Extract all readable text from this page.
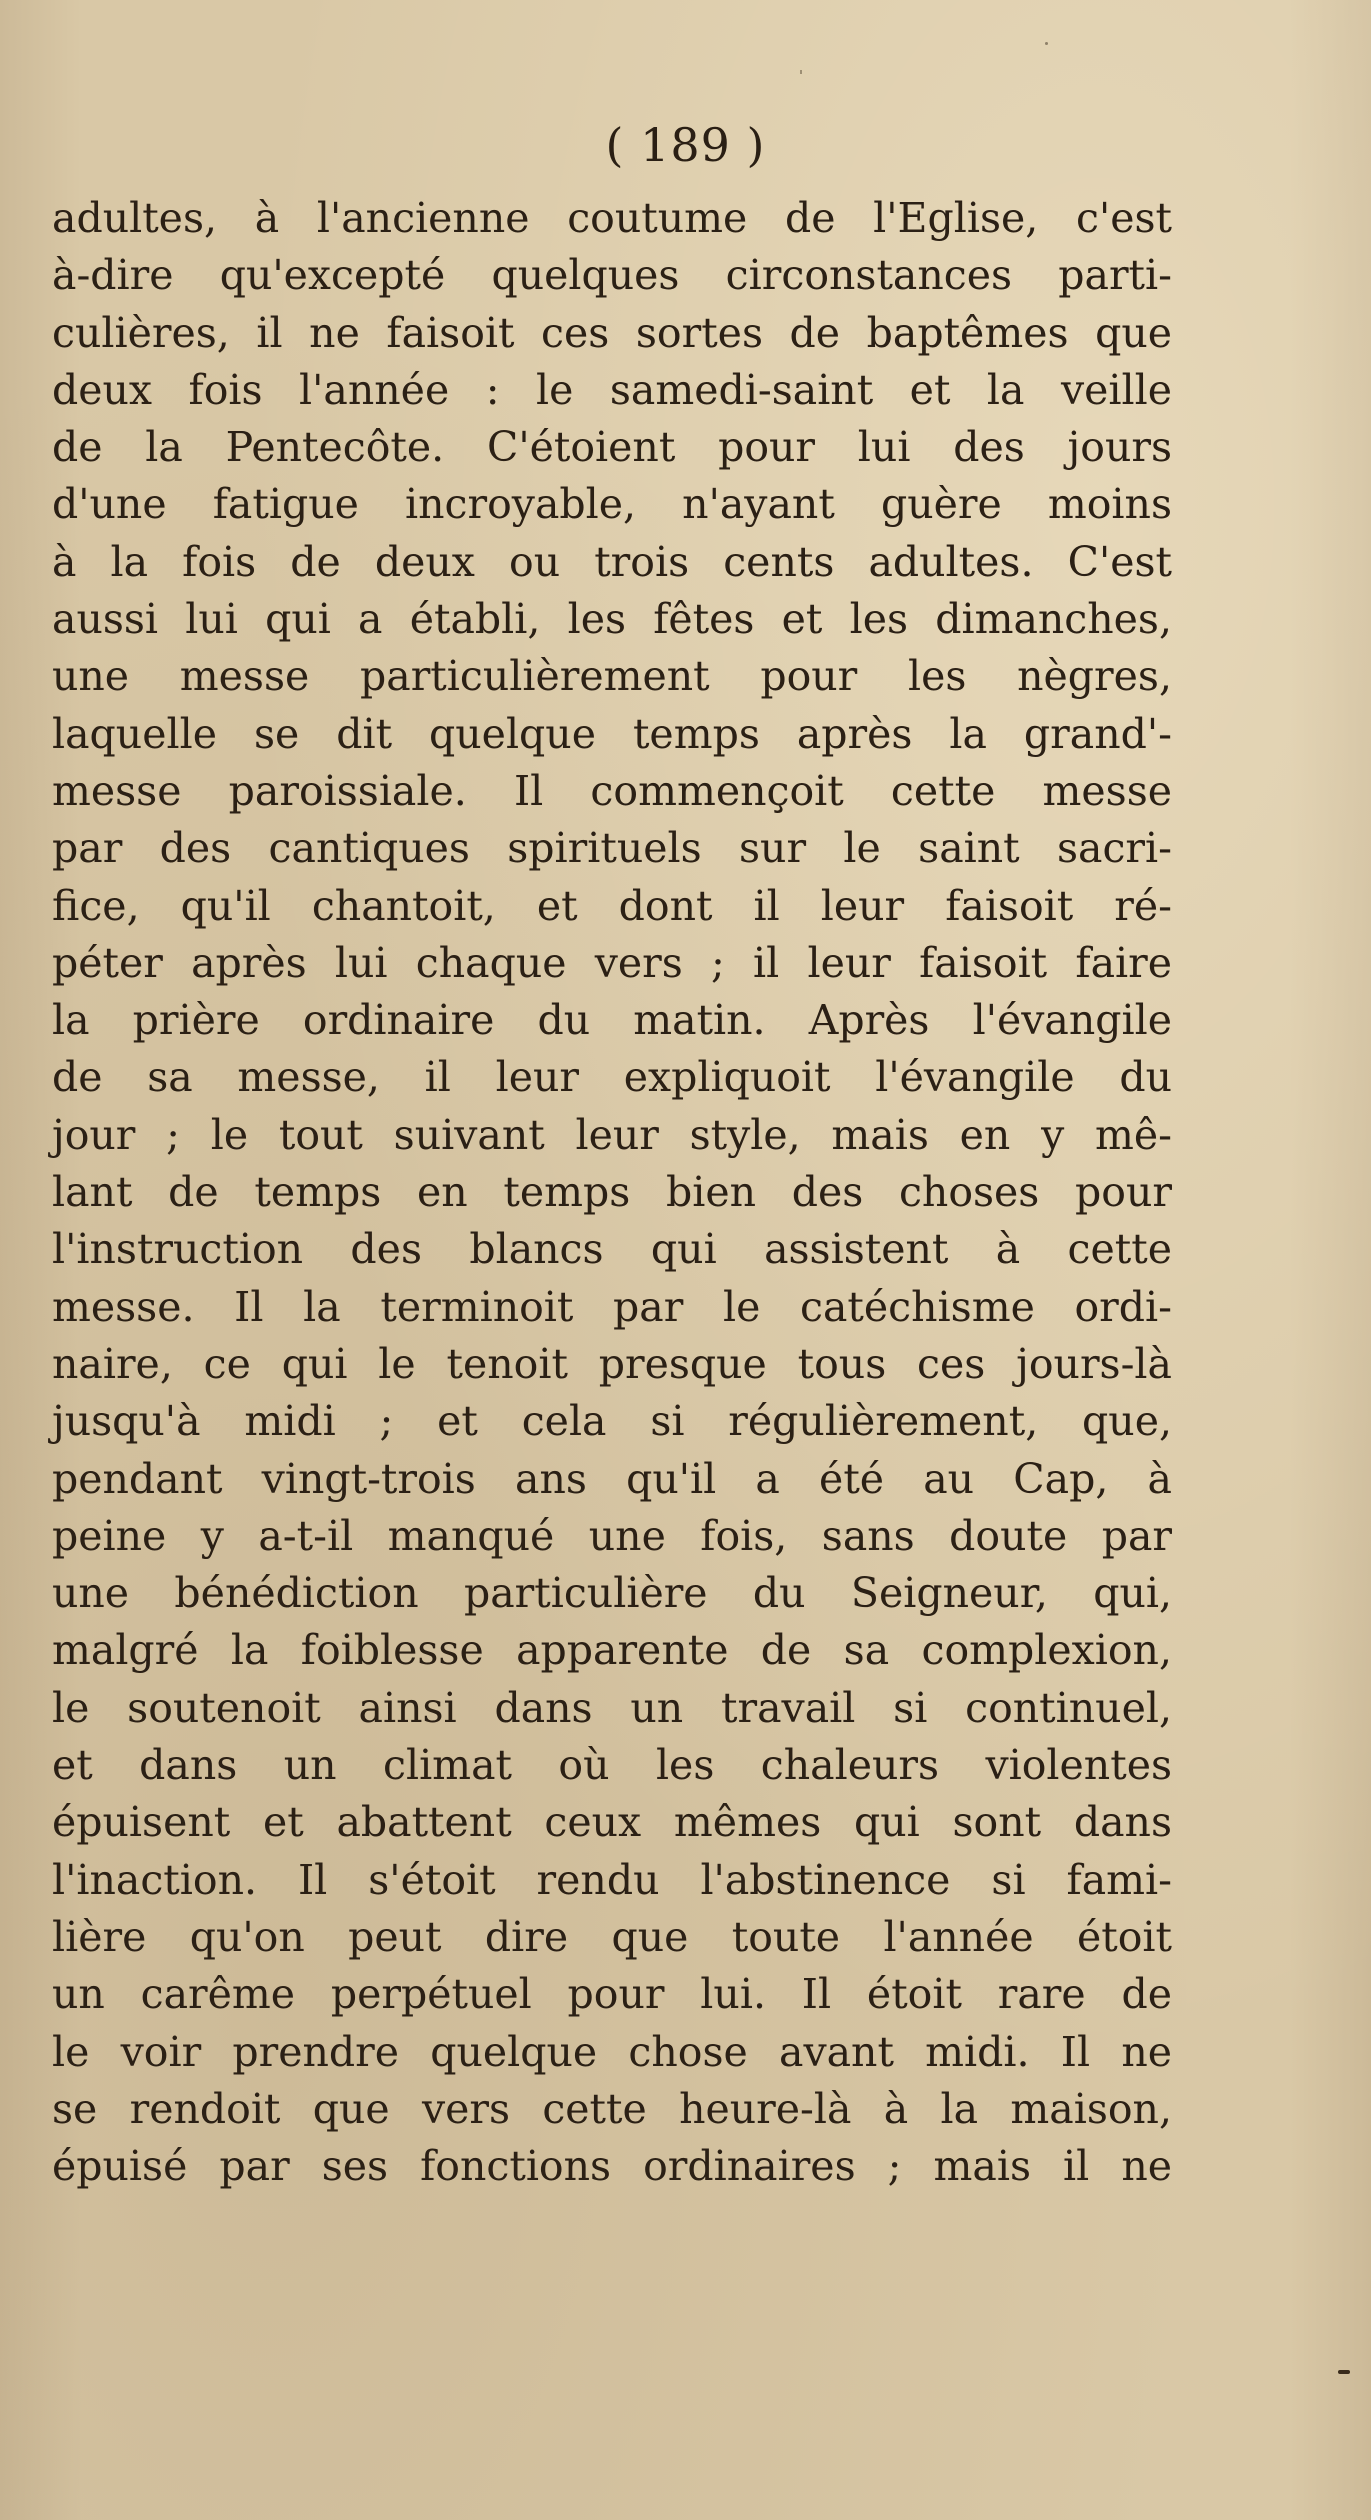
( 189 )
adultes, à l'ancienne coutume de l'Eglise, c'est
à-dire qu'excepté quelques circonstances parti-
culières, il ne faisoit ces sortes de baptêmes que
deux fois l'année : le samedi-saint et la veille
de la Pentecôte. C'étoient pour lui des jours
d'une fatigue incroyable, n'ayant guère moins
à la fois de deux ou trois cents adultes. C'est
aussi lui qui a établi, les fêtes et les dimanches,
une messe particulièrement pour les nègres,
laquelle se dit quelque temps après la grand'-
messe paroissiale. Il commençoit cette messe
par des cantiques spirituels sur le saint sacri-
fice, qu'il chantoit, et dont il leur faisoit ré-
péter après lui chaque vers ; il leur faisoit faire
la prière ordinaire du matin. Après l'évangile
de sa messe, il leur expliquoit l'évangile du
jour ; le tout suivant leur style, mais en y mê-
lant de temps en temps bien des choses pour
l'instruction des blancs qui assistent à cette
messe. Il la terminoit par le catéchisme ordi-
naire, ce qui le tenoit presque tous ces jours-là
jusqu'à midi ; et cela si régulièrement, que,
pendant vingt-trois ans qu'il a été au Cap, à
peine y a-t-il manqué une fois, sans doute par
une bénédiction particulière du Seigneur, qui,
malgré la foiblesse apparente de sa complexion,
le soutenoit ainsi dans un travail si continuel,
et dans un climat où les chaleurs violentes
épuisent et abattent ceux mêmes qui sont dans
l'inaction. Il s'étoit rendu l'abstinence si fami-
lière qu'on peut dire que toute l'année étoit
un carême perpétuel pour lui. Il étoit rare de
le voir prendre quelque chose avant midi. Il ne
se rendoit que vers cette heure-là à la maison,
épuisé par ses fonctions ordinaires ; mais il ne
